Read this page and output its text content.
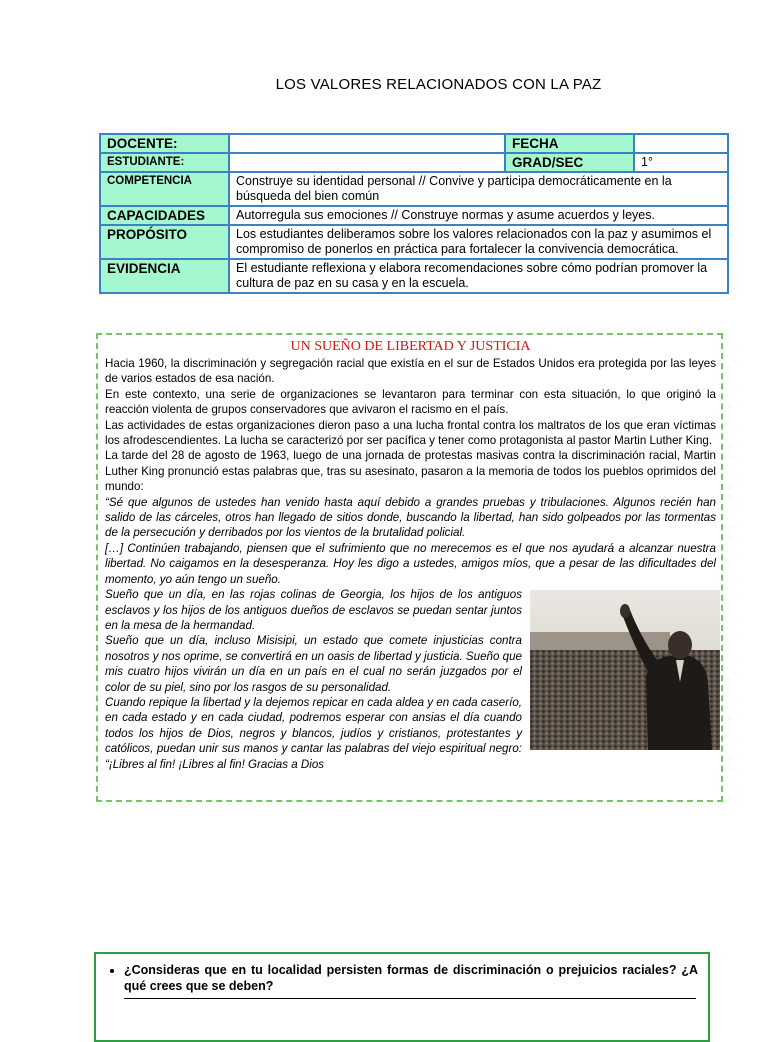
LOS VALORES RELACIONADOS CON LA PAZ
DOCENTE:		FECHA	
ESTUDIANTE:		GRAD/SEC	1°
COMPETENCIA	Construye su identidad personal // Convive y participa democráticamente en la búsqueda del bien común		
CAPACIDADES	Autorregula sus emociones // Construye normas y asume acuerdos y leyes.		
PROPÓSITO	Los estudiantes deliberamos sobre los valores relacionados con la paz y asumimos el compromiso de ponerlos en práctica para fortalecer la convivencia democrática.		
EVIDENCIA	El estudiante reflexiona y elabora recomendaciones sobre cómo podrían promover la cultura de paz en su casa y en la escuela.		
UN SUEÑO DE LIBERTAD Y JUSTICIA

Hacia 1960, la discriminación y segregación racial que existía en el sur de Estados Unidos era protegida por las leyes de varios estados de esa nación.

En este contexto, una serie de organizaciones se levantaron para terminar con esta situación, lo que originó la reacción violenta de grupos conservadores que avivaron el racismo en el país.

Las actividades de estas organizaciones dieron paso a una lucha frontal contra los maltratos de los que eran víctimas los afrodescendientes. La lucha se caracterizó por ser pacífica y tener como protagonista al pastor Martin Luther King.

La tarde del 28 de agosto de 1963, luego de una jornada de protestas masivas contra la discriminación racial, Martin Luther King pronunció estas palabras que, tras su asesinato, pasaron a la memoria de todos los pueblos oprimidos del mundo:

“Sé que algunos de ustedes han venido hasta aquí debido a grandes pruebas y tribulaciones. Algunos recién han salido de las cárceles, otros han llegado de sitios donde, buscando la libertad, han sido golpeados por las tormentas de la persecución y derribados por los vientos de la brutalidad policial.

[…] Continúen trabajando, piensen que el sufrimiento que no merecemos es el que nos ayudará a alcanzar nuestra libertad. No caigamos en la desesperanza. Hoy les digo a ustedes, amigos míos, que a pesar de las dificultades del momento, yo aún tengo un sueño.

Sueño que un día, en las rojas colinas de Georgia, los hijos de los antiguos esclavos y los hijos de los antiguos dueños de esclavos se puedan sentar juntos en la mesa de la hermandad.

Sueño que un día, incluso Misisipi, un estado que comete injusticias contra nosotros y nos oprime, se convertirá en un oasis de libertad y justicia. Sueño que mis cuatro hijos vivirán un día en un país en el cual no serán juzgados por el color de su piel, sino por los rasgos de su personalidad.

Cuando repique la libertad y la dejemos repicar en cada aldea y en cada caserío, en cada estado y en cada ciudad, podremos esperar con ansias el día cuando todos los hijos de Dios, negros y blancos, judíos y cristianos, protestantes y católicos, puedan unir sus manos y cantar las palabras del viejo espiritual negro: “¡Libres al fin! ¡Libres al fin! Gracias a Dios

• ¿Consideras que en tu localidad persisten formas de discriminación o prejuicios raciales? ¿A qué crees que se deben?
